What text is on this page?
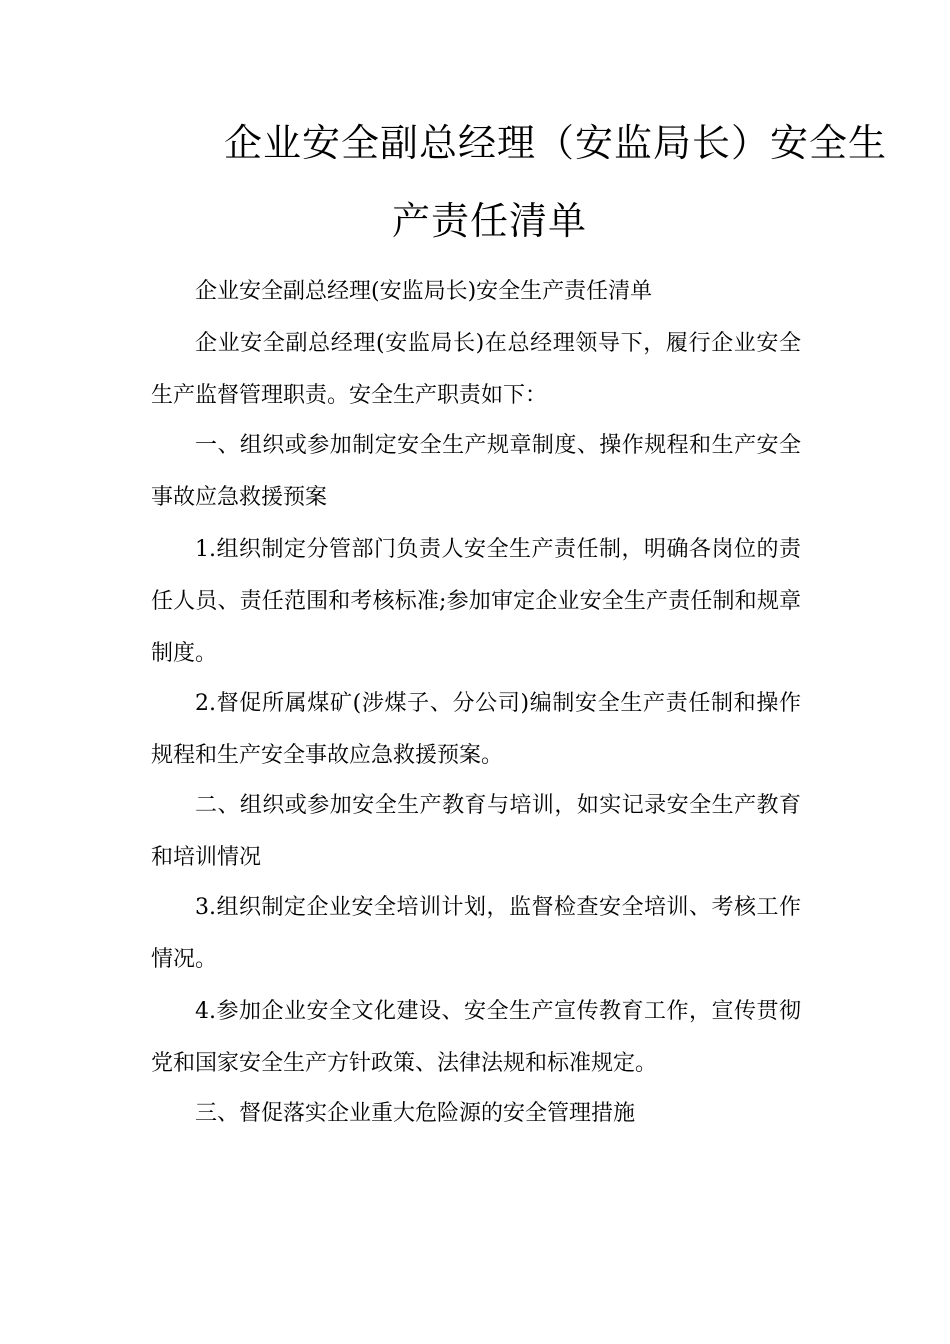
企业安全副总经理（安监局长）安全生
产责任清单

企业安全副总经理(安监局长)安全生产责任清单

企业安全副总经理(安监局长)在总经理领导下，履行企业安全生产监督管理职责。安全生产职责如下：

一、组织或参加制定安全生产规章制度、操作规程和生产安全事故应急救援预案

1.组织制定分管部门负责人安全生产责任制，明确各岗位的责任人员、责任范围和考核标准;参加审定企业安全生产责任制和规章制度。

2.督促所属煤矿(涉煤子、分公司)编制安全生产责任制和操作规程和生产安全事故应急救援预案。

二、组织或参加安全生产教育与培训，如实记录安全生产教育和培训情况

3.组织制定企业安全培训计划，监督检查安全培训、考核工作情况。

4.参加企业安全文化建设、安全生产宣传教育工作，宣传贯彻党和国家安全生产方针政策、法律法规和标准规定。

三、督促落实企业重大危险源的安全管理措施
